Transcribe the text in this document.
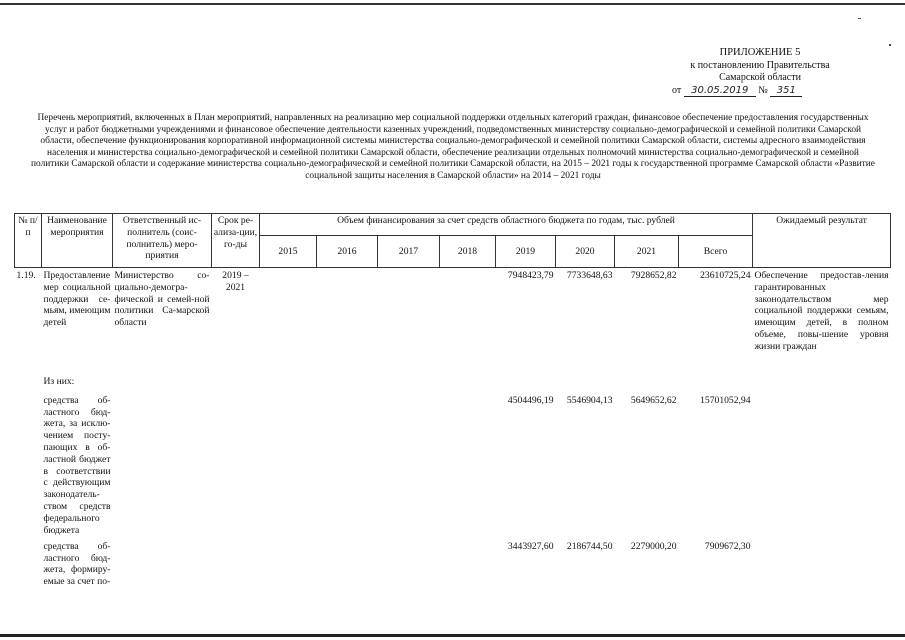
ПРИЛОЖЕНИЕ 5
к постановлению Правительства
Самарской области
от 30.05.2019 № 351
Перечень мероприятий, включенных в План мероприятий, направленных на реализацию мер социальной поддержки отдельных категорий граждан, финансовое обеспечение предоставления государственных услуг и работ бюджетными учреждениями и финансовое обеспечение деятельности казенных учреждений, подведомственных министерству социально-демографической и семейной политики Самарской области, обеспечение функционирования корпоративной информационной системы министерства социально-демографической и семейной политики Самарской области, системы адресного взаимодействия населения и министерства социально-демографической и семейной политики Самарской области, обеспечение реализации отдельных полномочий министерства социально-демографической и семейной политики Самарской области и содержание министерства социально-демографической и семейной политики Самарской области, на 2015 – 2021 годы к государственной программе Самарской области «Развитие социальной защиты населения в Самарской области» на 2014 – 2021 годы
№ п/п	Наименование мероприятия	Ответственный ис-полнитель (соис-полнитель) меро-приятия	Срок ре-ализа-ции, го-ды	Объем финансирования за счет средств областного бюджета по годам, тыс. рублей								Ожидаемый результат
				2015	2016	2017	2018	2019	2020	2021	Всего	
1.19.	Предоставление мер социальной поддержки се-мьям, имеющим детей	Министерство со-циально-демогра-фической и семей-ной политики Са-марской области	2019 – 2021					7948423,79	7733648,63	7928652,82	23610725,24	Обеспечение предостав-ления гарантированных законодательством мер социальной поддержки семьям, имеющим детей, в полном объеме, повы-шение уровня жизни граждан
	Из них:											
	средства об-ластного бюд-жета, за исклю-чением посту-пающих в об-ластной бюджет в соответствии с действующим законодатель-ством средств федерального бюджета							4504496,19	5546904,13	5649652,62	15701052,94	
	средства об-ластного бюд-жета, формиру-емые за счет по-							3443927,60	2186744,50	2279000,20	7909672,30	
